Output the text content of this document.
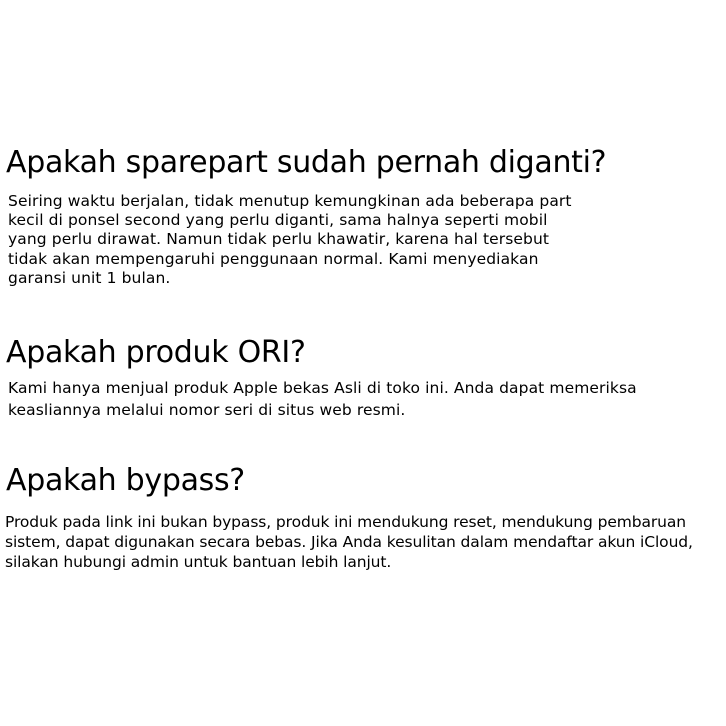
Apakah sparepart sudah pernah diganti?
Seiring waktu berjalan, tidak menutup kemungkinan ada beberapa part
kecil di ponsel second yang perlu diganti, sama halnya seperti mobil
yang perlu dirawat. Namun tidak perlu khawatir, karena hal tersebut
tidak akan mempengaruhi penggunaan normal. Kami menyediakan
garansi unit 1 bulan.
Apakah produk ORI?
Kami hanya menjual produk Apple bekas Asli di toko ini. Anda dapat memeriksa
keasliannya melalui nomor seri di situs web resmi.
Apakah bypass?
Produk pada link ini bukan bypass, produk ini mendukung reset, mendukung pembaruan
sistem, dapat digunakan secara bebas. Jika Anda kesulitan dalam mendaftar akun iCloud,
silakan hubungi admin untuk bantuan lebih lanjut.
